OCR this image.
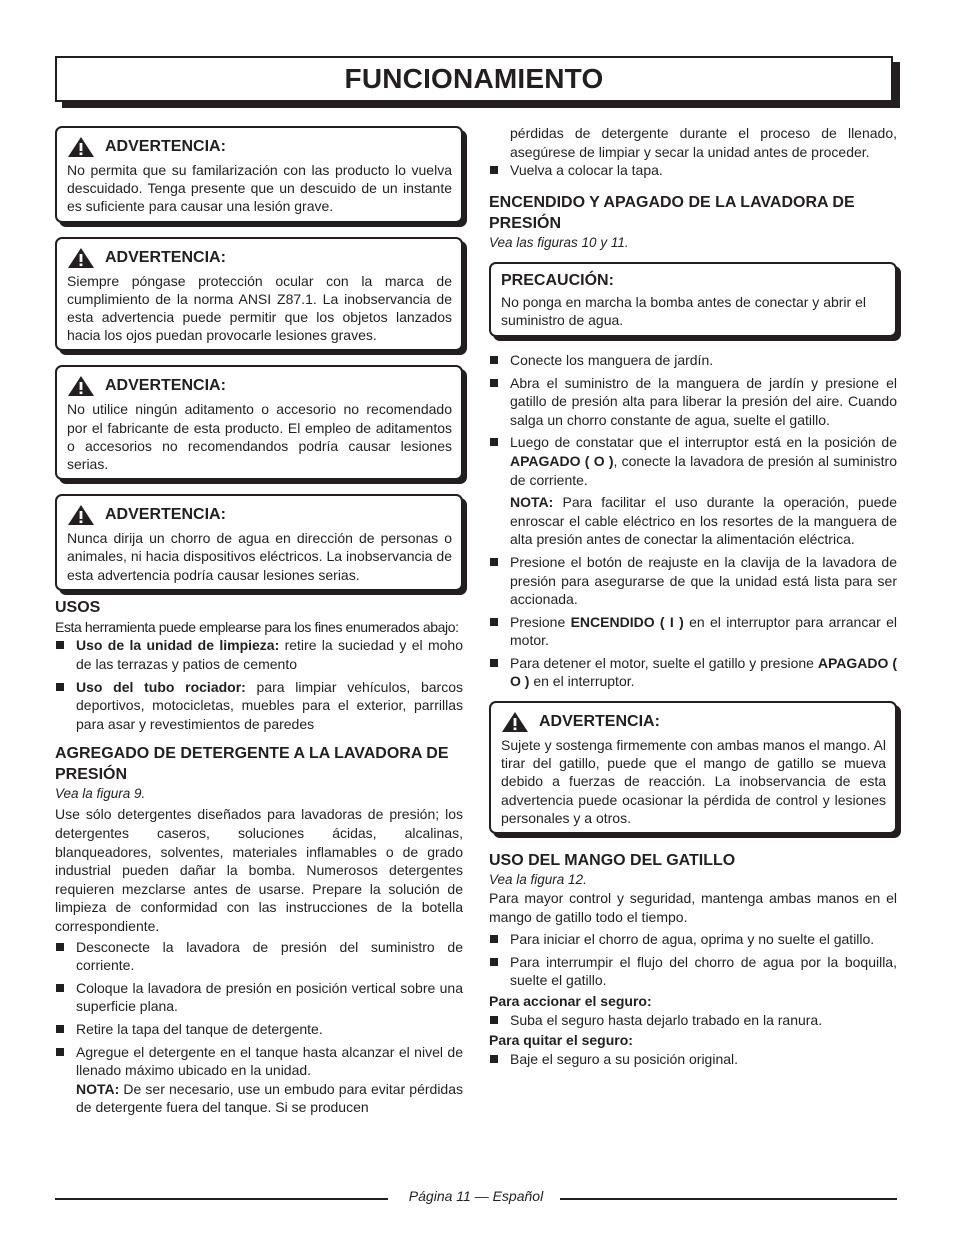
FUNCIONAMIENTO
ADVERTENCIA:

No permita que su familarización con las producto lo vuelva descuidado. Tenga presente que un descuido de un instante es suficiente para causar una lesión grave.

ADVERTENCIA:

Siempre póngase protección ocular con la marca de cumplimiento de la norma ANSI Z87.1. La inobservancia de esta advertencia puede permitir que los objetos lanzados hacia los ojos puedan provocarle lesiones graves.

ADVERTENCIA:

No utilice ningún aditamento o accesorio no recomendado por el fabricante de esta producto. El empleo de aditamentos o accesorios no recomendandos podría causar lesiones serias.

ADVERTENCIA:

Nunca dirija un chorro de agua en dirección de personas o animales, ni hacia dispositivos eléctricos. La inobservancia de esta advertencia podría causar lesiones serias.

USOS

Esta herramienta puede emplearse para los fines enumerados abajo:

Uso de la unidad de limpieza: retire la suciedad y el moho de las terrazas y patios de cemento
Uso del tubo rociador: para limpiar vehículos, barcos deportivos, motocicletas, muebles para el exterior, parrillas para asar y revestimientos de paredes
AGREGADO DE DETERGENTE A LA LAVADORA DE PRESIÓN

Vea la figura 9.

Use sólo detergentes diseñados para lavadoras de presión; los detergentes caseros, soluciones ácidas, alcalinas, blanqueadores, solventes, materiales inflamables o de grado industrial pueden dañar la bomba. Numerosos detergentes requieren mezclarse antes de usarse. Prepare la solución de limpieza de conformidad con las instrucciones de la botella correspondiente.

Desconecte la lavadora de presión del suministro de corriente.
Coloque la lavadora de presión en posición vertical sobre una superficie plana.
Retire la tapa del tanque de detergente.
Agregue el detergente en el tanque hasta alcanzar el nivel de llenado máximo ubicado en la unidad.

NOTA: De ser necesario, use un embudo para evitar pérdidas de detergente fuera del tanque. Si se producen

pérdidas de detergente durante el proceso de llenado, asegúrese de limpiar y secar la unidad antes de proceder.

Vuelva a colocar la tapa.
ENCENDIDO Y APAGADO DE LA LAVADORA DE PRESIÓN

Vea las figuras 10 y 11.

PRECAUCIÓN:

No ponga en marcha la bomba antes de conectar y abrir el suministro de agua.

Conecte los manguera de jardín.
Abra el suministro de la manguera de jardín y presione el gatillo de presión alta para liberar la presión del aire. Cuando salga un chorro constante de agua, suelte el gatillo.
Luego de constatar que el interruptor está en la posición de APAGADO ( O ), conecte la lavadora de presión al suministro de corriente.
NOTA: Para facilitar el uso durante la operación, puede enroscar el cable eléctrico en los resortes de la manguera de alta presión antes de conectar la alimentación eléctrica.
Presione el botón de reajuste en la clavija de la lavadora de presión para asegurarse de que la unidad está lista para ser accionada.
Presione ENCENDIDO ( I ) en el interruptor para arrancar el motor.
Para detener el motor, suelte el gatillo y presione APAGADO ( O ) en el interruptor.
ADVERTENCIA:

Sujete y sostenga firmemente con ambas manos el mango. Al tirar del gatillo, puede que el mango de gatillo se mueva debido a fuerzas de reacción. La inobservancia de esta advertencia puede ocasionar la pérdida de control y lesiones personales y a otros.

USO DEL MANGO DEL GATILLO

Vea la figura 12.

Para mayor control y seguridad, mantenga ambas manos en el mango de gatillo todo el tiempo.

Para iniciar el chorro de agua, oprima y no suelte el gatillo.
Para interrumpir el flujo del chorro de agua por la boquilla, suelte el gatillo.
Para accionar el seguro:
Suba el seguro hasta dejarlo trabado en la ranura.
Para quitar el seguro:
Baje el seguro a su posición original.
Página 11 — Español
